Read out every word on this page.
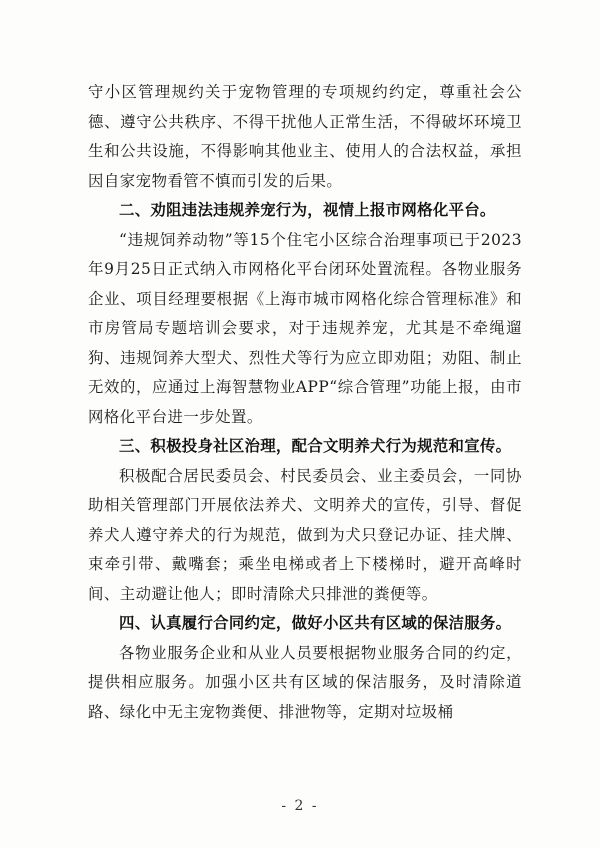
守小区管理规约关于宠物管理的专项规约约定，尊重社会公德、遵守公共秩序、不得干扰他人正常生活，不得破坏环境卫生和公共设施，不得影响其他业主、使用人的合法权益，承担因自家宠物看管不慎而引发的后果。

二、劝阻违法违规养宠行为，视情上报市网格化平台。

“违规饲养动物”等15个住宅小区综合治理事项已于2023年9月25日正式纳入市网格化平台闭环处置流程。各物业服务企业、项目经理要根据《上海市城市网格化综合管理标准》和市房管局专题培训会要求，对于违规养宠，尤其是不牵绳遛狗、违规饲养大型犬、烈性犬等行为应立即劝阻；劝阻、制止无效的，应通过上海智慧物业APP“综合管理”功能上报，由市网格化平台进一步处置。

三、积极投身社区治理，配合文明养犬行为规范和宣传。

积极配合居民委员会、村民委员会、业主委员会，一同协助相关管理部门开展依法养犬、文明养犬的宣传，引导、督促养犬人遵守养犬的行为规范，做到为犬只登记办证、挂犬牌、束牵引带、戴嘴套；乘坐电梯或者上下楼梯时，避开高峰时间、主动避让他人；即时清除犬只排泄的粪便等。

四、认真履行合同约定，做好小区共有区域的保洁服务。

各物业服务企业和从业人员要根据物业服务合同的约定，提供相应服务。加强小区共有区域的保洁服务，及时清除道路、绿化中无主宠物粪便、排泄物等，定期对垃圾桶

- 2 -
